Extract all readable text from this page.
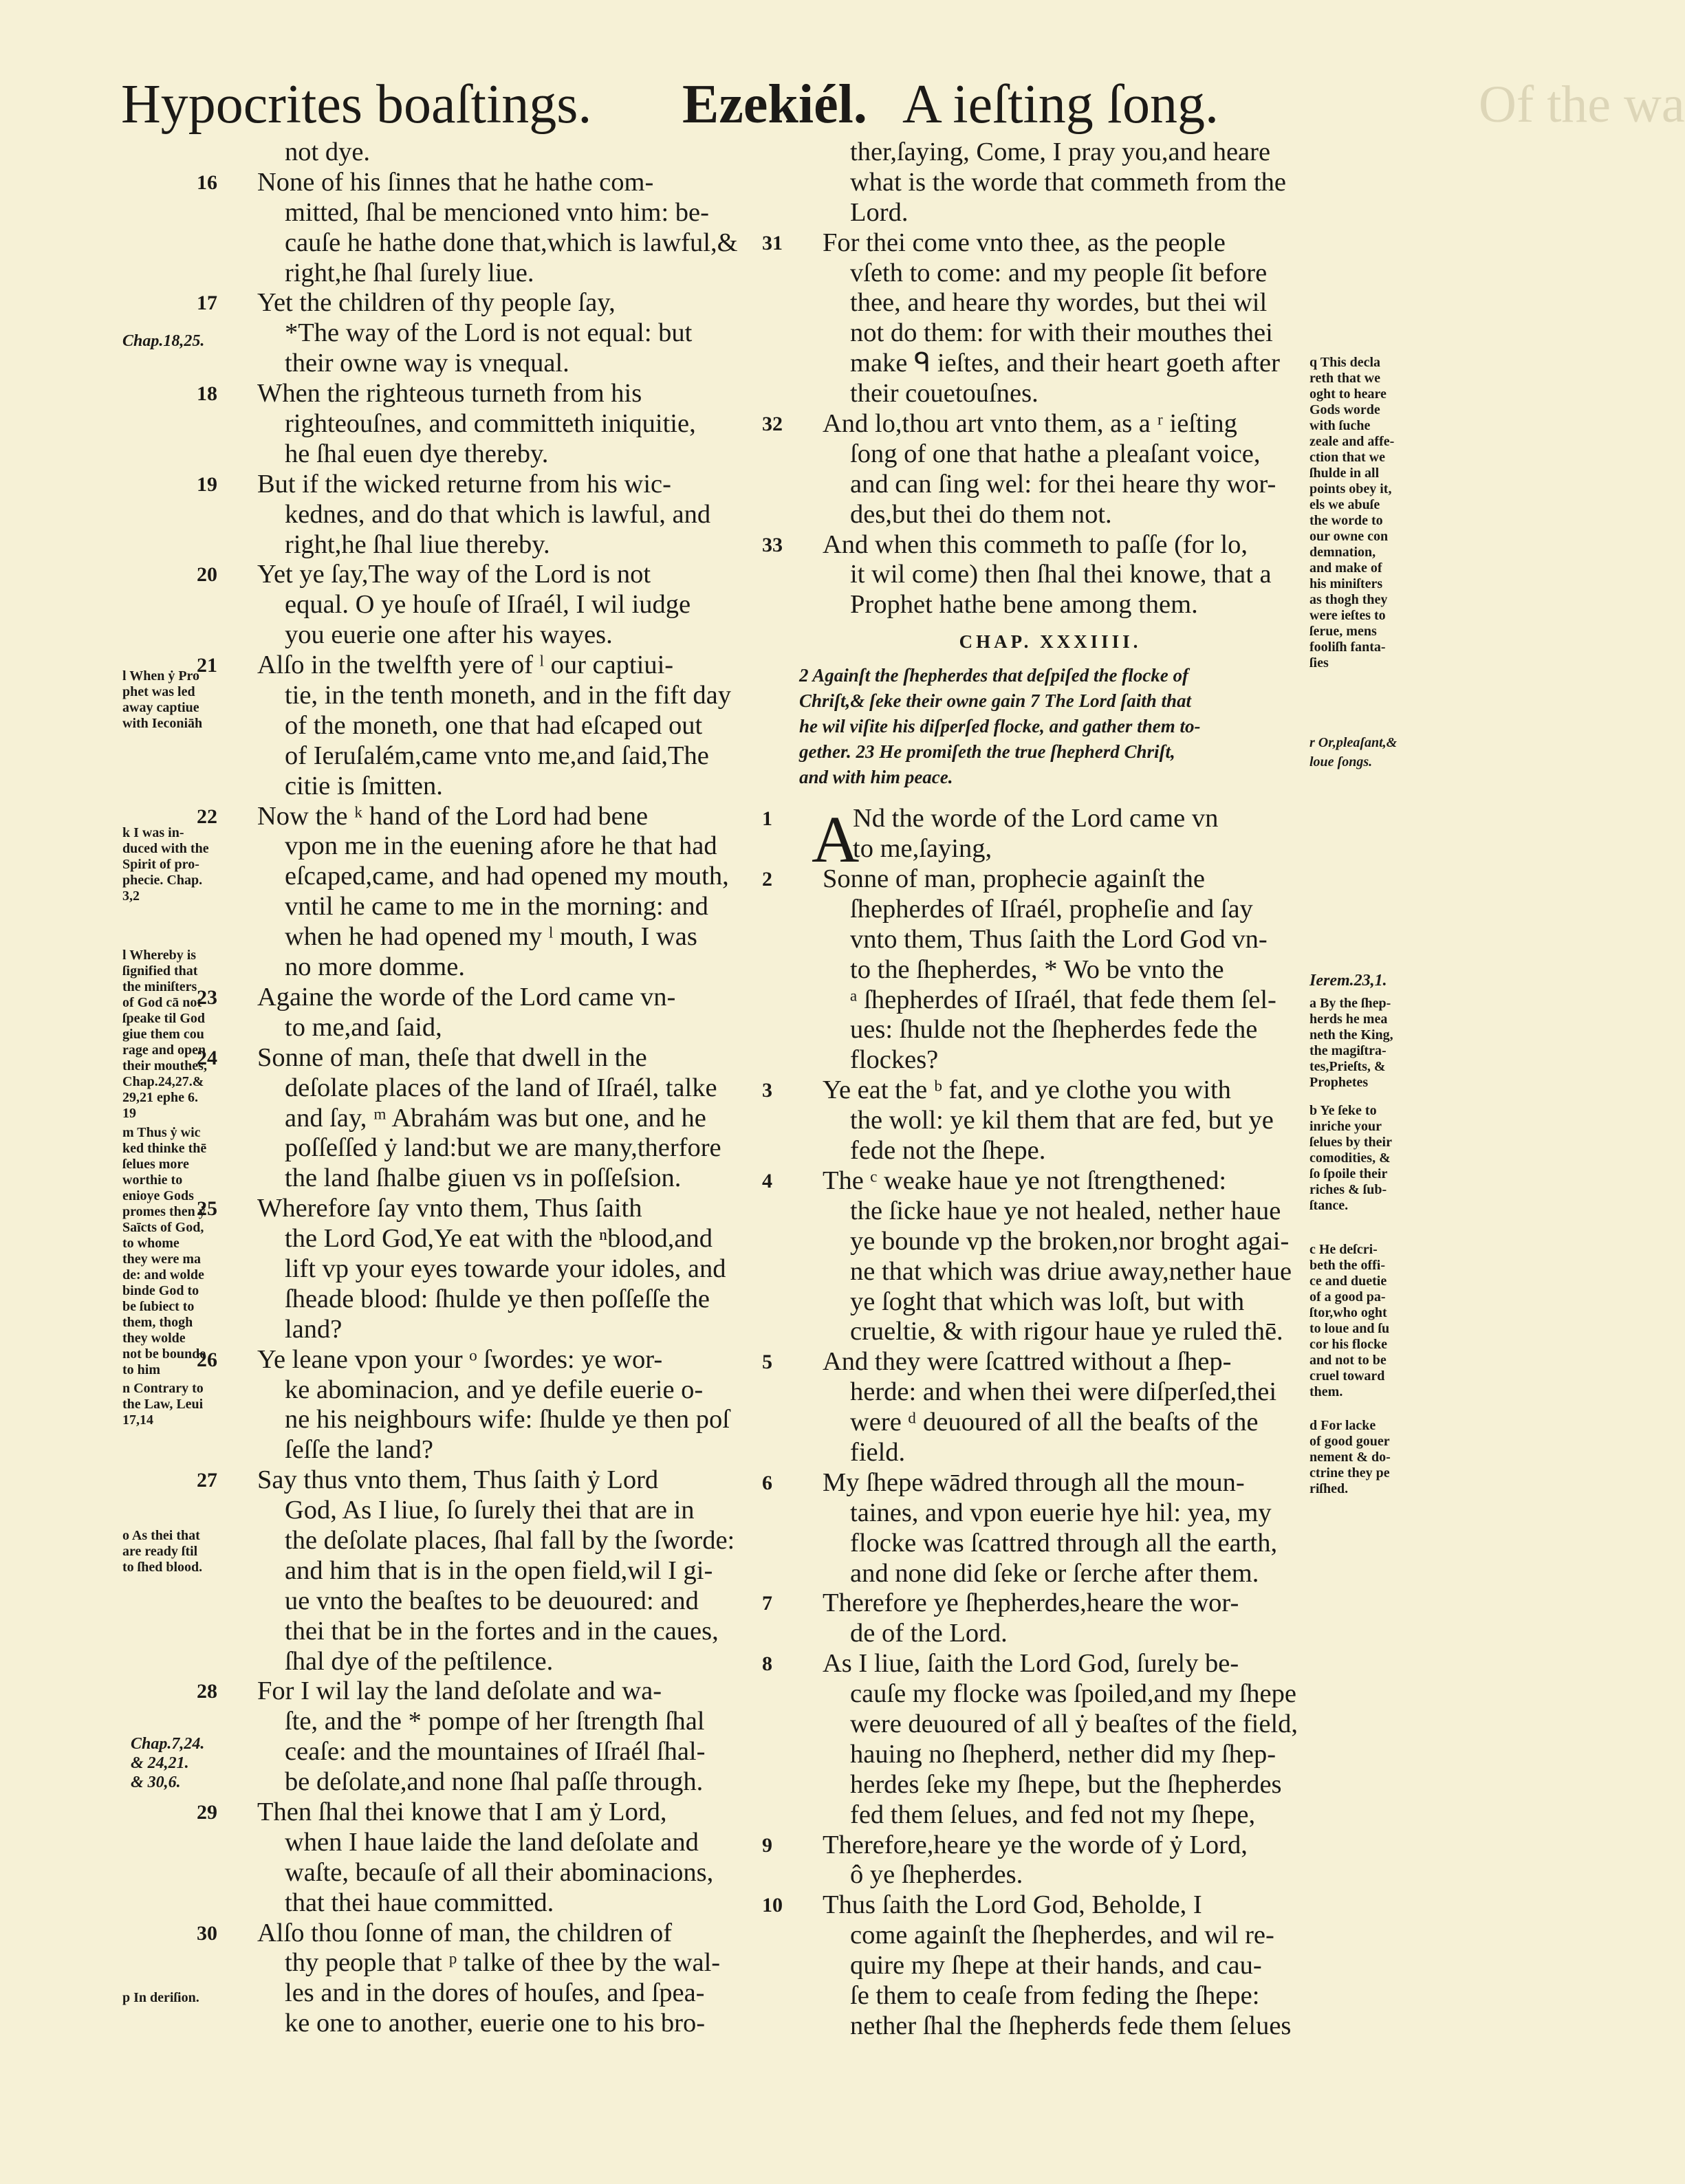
Hypocrites boaſtings. Ezekiél. A ieſting ſong.	Of the wa
not dye.
16	None of his ſinnes that he hathe com-
mitted, ſhal be mencioned vnto him: be-
cauſe he hathe done that,which is lawful,&
right,he ſhal ſurely liue.
17	Yet the children of thy people ſay,
*The way of the Lord is not equal: but
their owne way is vnequal.
18	When the righteous turneth from his
righteouſnes, and committeth iniquitie,
he ſhal euen dye thereby.
19	But if the wicked returne from his wic-
kednes, and do that which is lawful, and
right,he ſhal liue thereby.
20	Yet ye ſay,The way of the Lord is not
equal. O ye houſe of Iſraél, I wil iudge
you euerie one after his wayes.
21	Alſo in the twelfth yere of ˡ our captiui-
tie, in the tenth moneth, and in the fift day
of the moneth, one that had eſcaped out
of Ieruſalém,came vnto me,and ſaid,The
citie is ſmitten.
22	Now the ᵏ hand of the Lord had bene
vpon me in the euening afore he that had
eſcaped,came, and had opened my mouth,
vntil he came to me in the morning: and
when he had opened my ˡ mouth, I was
no more domme.
23	Againe the worde of the Lord came vn-
to me,and ſaid,
24	Sonne of man, theſe that dwell in the
deſolate places of the land of Iſraél, talke
and ſay, ᵐ Abrahám was but one, and he
poſſeſſed ẏ land:but we are many,therfore
the land ſhalbe giuen vs in poſſeſsion.
25	Wherefore ſay vnto them, Thus ſaith
the Lord God,Ye eat with the ⁿblood,and
lift vp your eyes towarde your idoles, and
ſheade blood: ſhulde ye then poſſeſſe the
land?
26	Ye leane vpon your ᵒ ſwordes: ye wor-
ke abominacion, and ye defile euerie o-
ne his neighbours wife: ſhulde ye then poſ
ſeſſe the land?
27	Say thus vnto them, Thus ſaith ẏ Lord
God, As I liue, ſo ſurely thei that are in
the deſolate places, ſhal fall by the ſworde:
and him that is in the open field,wil I gi-
ue vnto the beaſtes to be deuoured: and
thei that be in the fortes and in the caues,
ſhal dye of the peſtilence.
28	For I wil lay the land deſolate and wa-
ſte, and the * pompe of her ſtrength ſhal
ceaſe: and the mountaines of Iſraél ſhal-
be deſolate,and none ſhal paſſe through.
29	Then ſhal thei knowe that I am ẏ Lord,
when I haue laide the land deſolate and
waſte, becauſe of all their abominacions,
that thei haue committed.
30	Alſo thou ſonne of man, the children of
thy people that ᵖ talke of thee by the wal-
les and in the dores of houſes, and ſpea-
ke one to another, euerie one to his bro-
ther,ſaying, Come, I pray you,and heare
what is the worde that commeth from the
Lord.
31	For thei come vnto thee, as the people
vſeth to come: and my people ſit before
thee, and heare thy wordes, but thei wil
not do them: for with their mouthes thei
make ᑫ ieſtes, and their heart goeth after
their couetouſnes.
32	And lo,thou art vnto them, as a ʳ ieſting
ſong of one that hathe a pleaſant voice,
and can ſing wel: for thei heare thy wor-
des,but thei do them not.
33	And when this commeth to paſſe (for lo,
it wil come) then ſhal thei knowe, that a
Prophet hathe bene among them.
CHAP. XXXIIII.
2 Againſt the ſhepherdes that deſpiſed the flocke of
Chriſt,& ſeke their owne gain 7 The Lord ſaith that
he wil viſite his diſperſed flocke, and gather them to-
gether. 23 He promiſeth the true ſhepherd Chriſt,
and with him peace.
A
1	Nd the worde of the Lord came vn
to me,ſaying,
2	Sonne of man, prophecie againſt the
ſhepherdes of Iſraél, propheſie and ſay
vnto them, Thus ſaith the Lord God vn-
to the ſhepherdes, * Wo be vnto the
ᵃ ſhepherdes of Iſraél, that fede them ſel-
ues: ſhulde not the ſhepherdes fede the
flockes?
3	Ye eat the ᵇ fat, and ye clothe you with
the woll: ye kil them that are fed, but ye
fede not the ſhepe.
4	The ᶜ weake haue ye not ſtrengthened:
the ſicke haue ye not healed, nether haue
ye bounde vp the broken,nor broght agai-
ne that which was driue away,nether haue
ye ſoght that which was loſt, but with
crueltie, & with rigour haue ye ruled thē.
5	And they were ſcattred without a ſhep-
herde: and when thei were diſperſed,thei
were ᵈ deuoured of all the beaſts of the
field.
6	My ſhepe wādred through all the moun-
taines, and vpon euerie hye hil: yea, my
flocke was ſcattred through all the earth,
and none did ſeke or ſerche after them.
7	Therefore ye ſhepherdes,heare the wor-
de of the Lord.
8	As I liue, ſaith the Lord God, ſurely be-
cauſe my flocke was ſpoiled,and my ſhepe
were deuoured of all ẏ beaſtes of the field,
hauing no ſhepherd, nether did my ſhep-
herdes ſeke my ſhepe, but the ſhepherdes
fed them ſelues, and fed not my ſhepe,
9	Therefore,heare ye the worde of ẏ Lord,
ô ye ſhepherdes.
10	Thus ſaith the Lord God, Beholde, I
come againſt the ſhepherdes, and wil re-
quire my ſhepe at their hands, and cau-
ſe them to ceaſe from feding the ſhepe:
nether ſhal the ſhepherds fede them ſelues
Chap.18,25.
l When ẏ Pro
phet was led
away captiue
with Ieconiāh
k I was in-
duced with the
Spirit of pro-
phecie. Chap.
3,2
l Whereby is
ſignified that
the miniſters
of God cā not
ſpeake til God
giue them cou
rage and open
their mouthes,
Chap.24,27.&
29,21 ephe 6.
19
m Thus ẏ wic
ked thinke thē
ſelues more
worthie to
enioye Gods
promes then ẏ
Saīcts of God,
to whome
they were ma
de: and wolde
binde God to
be ſubiect to
them, thogh
they wolde
not be bounde
to him
n Contrary to
the Law, Leui
17,14
o As thei that
are ready ſtil
to ſhed blood.
Chap.7,24.
& 24,21.
& 30,6.
p In deriſion.
q This decla
reth that we
oght to heare
Gods worde
with ſuche
zeale and affe-
ction that we
ſhulde in all
points obey it,
els we abuſe
the worde to
our owne con
demnation,
and make of
his miniſters
as thogh they
were ieſtes to
ſerue, mens
fooliſh fanta-
ſies
r Or,pleaſant,&
loue ſongs.
Ierem.23,1.
a By the ſhep-
herds he mea
neth the King,
the magiſtra-
tes,Prieſts, &
Prophetes
b Ye ſeke to
inriche your
ſelues by their
comodities, &
ſo ſpoile their
riches & ſub-
ſtance.
c He deſcri-
beth the offi-
ce and duetie
of a good pa-
ſtor,who oght
to loue and ſu
cor his flocke
and not to be
cruel toward
them.
d For lacke
of good gouer
nement & do-
ctrine they pe
riſhed.
